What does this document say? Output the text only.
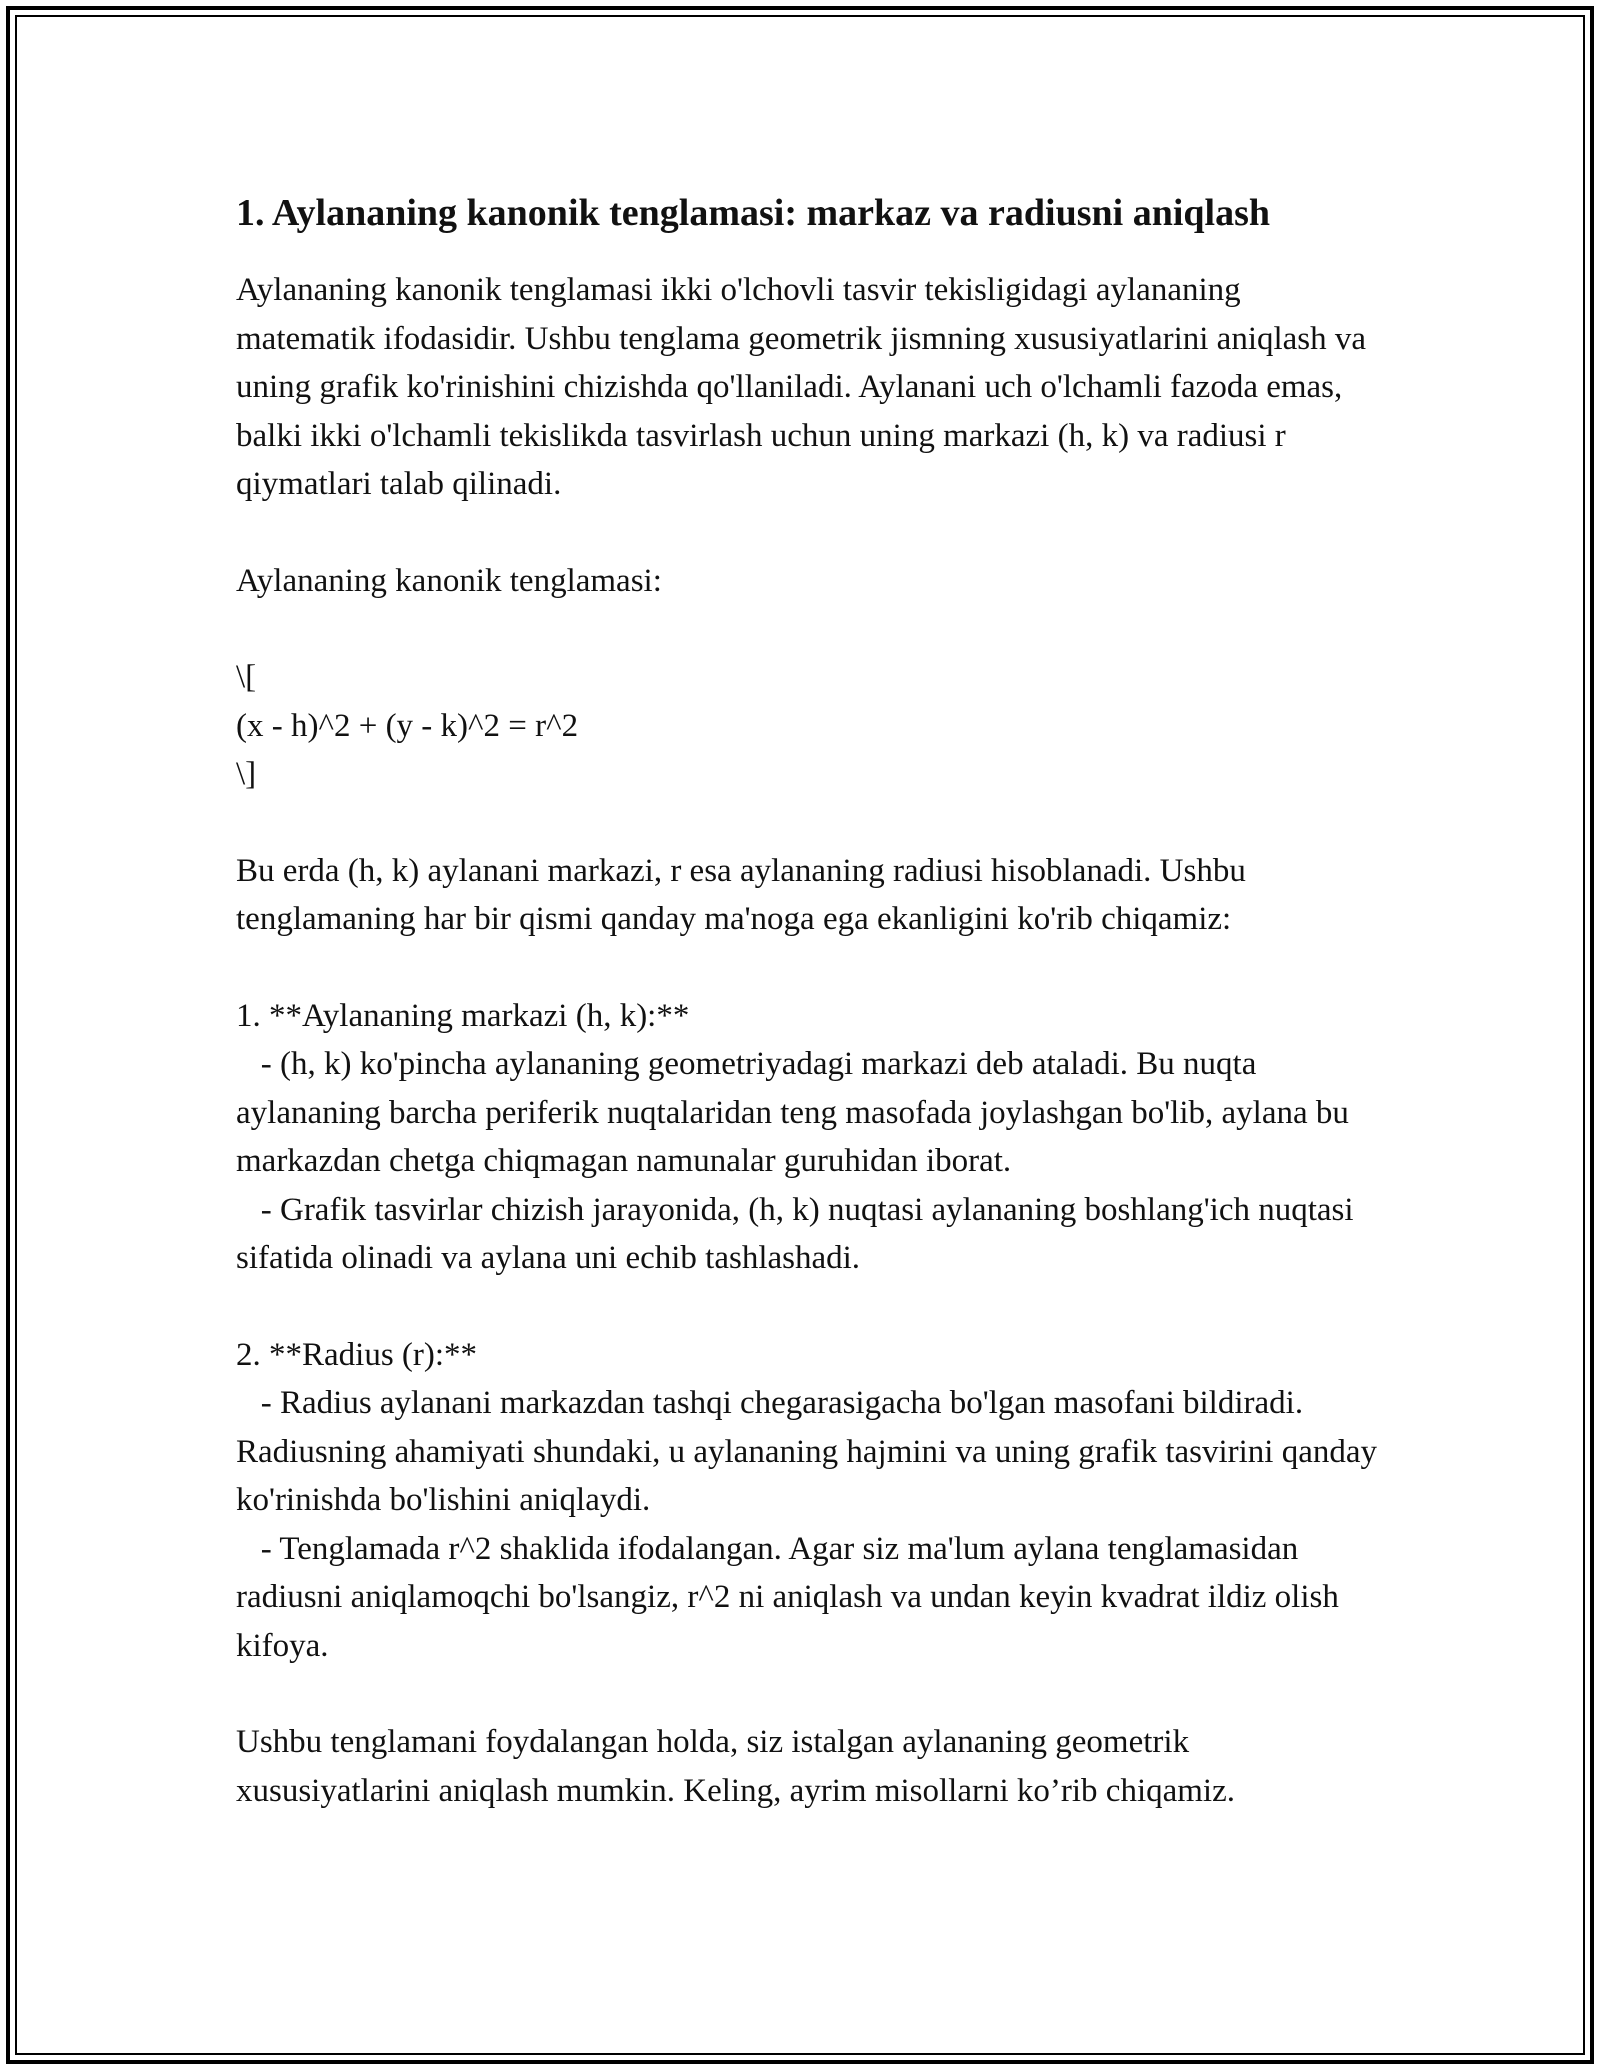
1. Aylananing kanonik tenglamasi: markaz va radiusni aniqlash
Aylananing kanonik tenglamasi ikki o'lchovli tasvir tekisligidagi aylananing matematik ifodasidir. Ushbu tenglama geometrik jismning xususiyatlarini aniqlash va uning grafik ko'rinishini chizishda qo'llaniladi. Aylanani uch o'lchamli fazoda emas, balki ikki o'lchamli tekislikda tasvirlash uchun uning markazi (h, k) va radiusi r qiymatlari talab qilinadi.
Aylananing kanonik tenglamasi:
\[
(x - h)^2 + (y - k)^2 = r^2
\]
Bu erda (h, k) aylanani markazi, r esa aylananing radiusi hisoblanadi. Ushbu tenglamaning har bir qismi qanday ma'noga ega ekanligini ko'rib chiqamiz:
1. **Aylananing markazi (h, k):**
- (h, k) ko'pincha aylananing geometriyadagi markazi deb ataladi. Bu nuqta aylananing barcha periferik nuqtalaridan teng masofada joylashgan bo'lib, aylana bu markazdan chetga chiqmagan namunalar guruhidan iborat.
- Grafik tasvirlar chizish jarayonida, (h, k) nuqtasi aylananing boshlang'ich nuqtasi sifatida olinadi va aylana uni echib tashlashadi.
2. **Radius (r):**
- Radius aylanani markazdan tashqi chegarasigacha bo'lgan masofani bildiradi. Radiusning ahamiyati shundaki, u aylananing hajmini va uning grafik tasvirini qanday ko'rinishda bo'lishini aniqlaydi.
- Tenglamada r^2 shaklida ifodalangan. Agar siz ma'lum aylana tenglamasidan radiusni aniqlamoqchi bo'lsangiz, r^2 ni aniqlash va undan keyin kvadrat ildiz olish kifoya.
Ushbu tenglamani foydalangan holda, siz istalgan aylananing geometrik xususiyatlarini aniqlash mumkin. Keling, ayrim misollarni ko’rib chiqamiz.
